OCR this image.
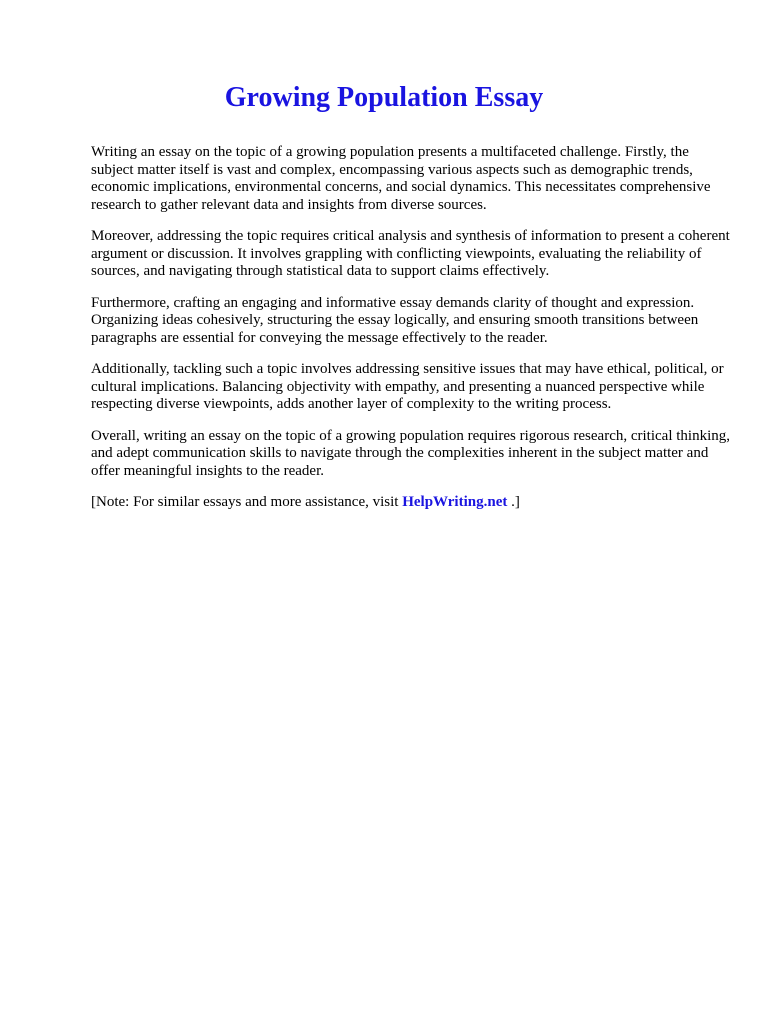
Growing Population Essay

Writing an essay on the topic of a growing population presents a multifaceted challenge. Firstly, the subject matter itself is vast and complex, encompassing various aspects such as demographic trends, economic implications, environmental concerns, and social dynamics. This necessitates comprehensive research to gather relevant data and insights from diverse sources.

Moreover, addressing the topic requires critical analysis and synthesis of information to present a coherent argument or discussion. It involves grappling with conflicting viewpoints, evaluating the reliability of sources, and navigating through statistical data to support claims effectively.

Furthermore, crafting an engaging and informative essay demands clarity of thought and expression. Organizing ideas cohesively, structuring the essay logically, and ensuring smooth transitions between paragraphs are essential for conveying the message effectively to the reader.

Additionally, tackling such a topic involves addressing sensitive issues that may have ethical, political, or cultural implications. Balancing objectivity with empathy, and presenting a nuanced perspective while respecting diverse viewpoints, adds another layer of complexity to the writing process.

Overall, writing an essay on the topic of a growing population requires rigorous research, critical thinking, and adept communication skills to navigate through the complexities inherent in the subject matter and offer meaningful insights to the reader.

[Note: For similar essays and more assistance, visit HelpWriting.net .]
